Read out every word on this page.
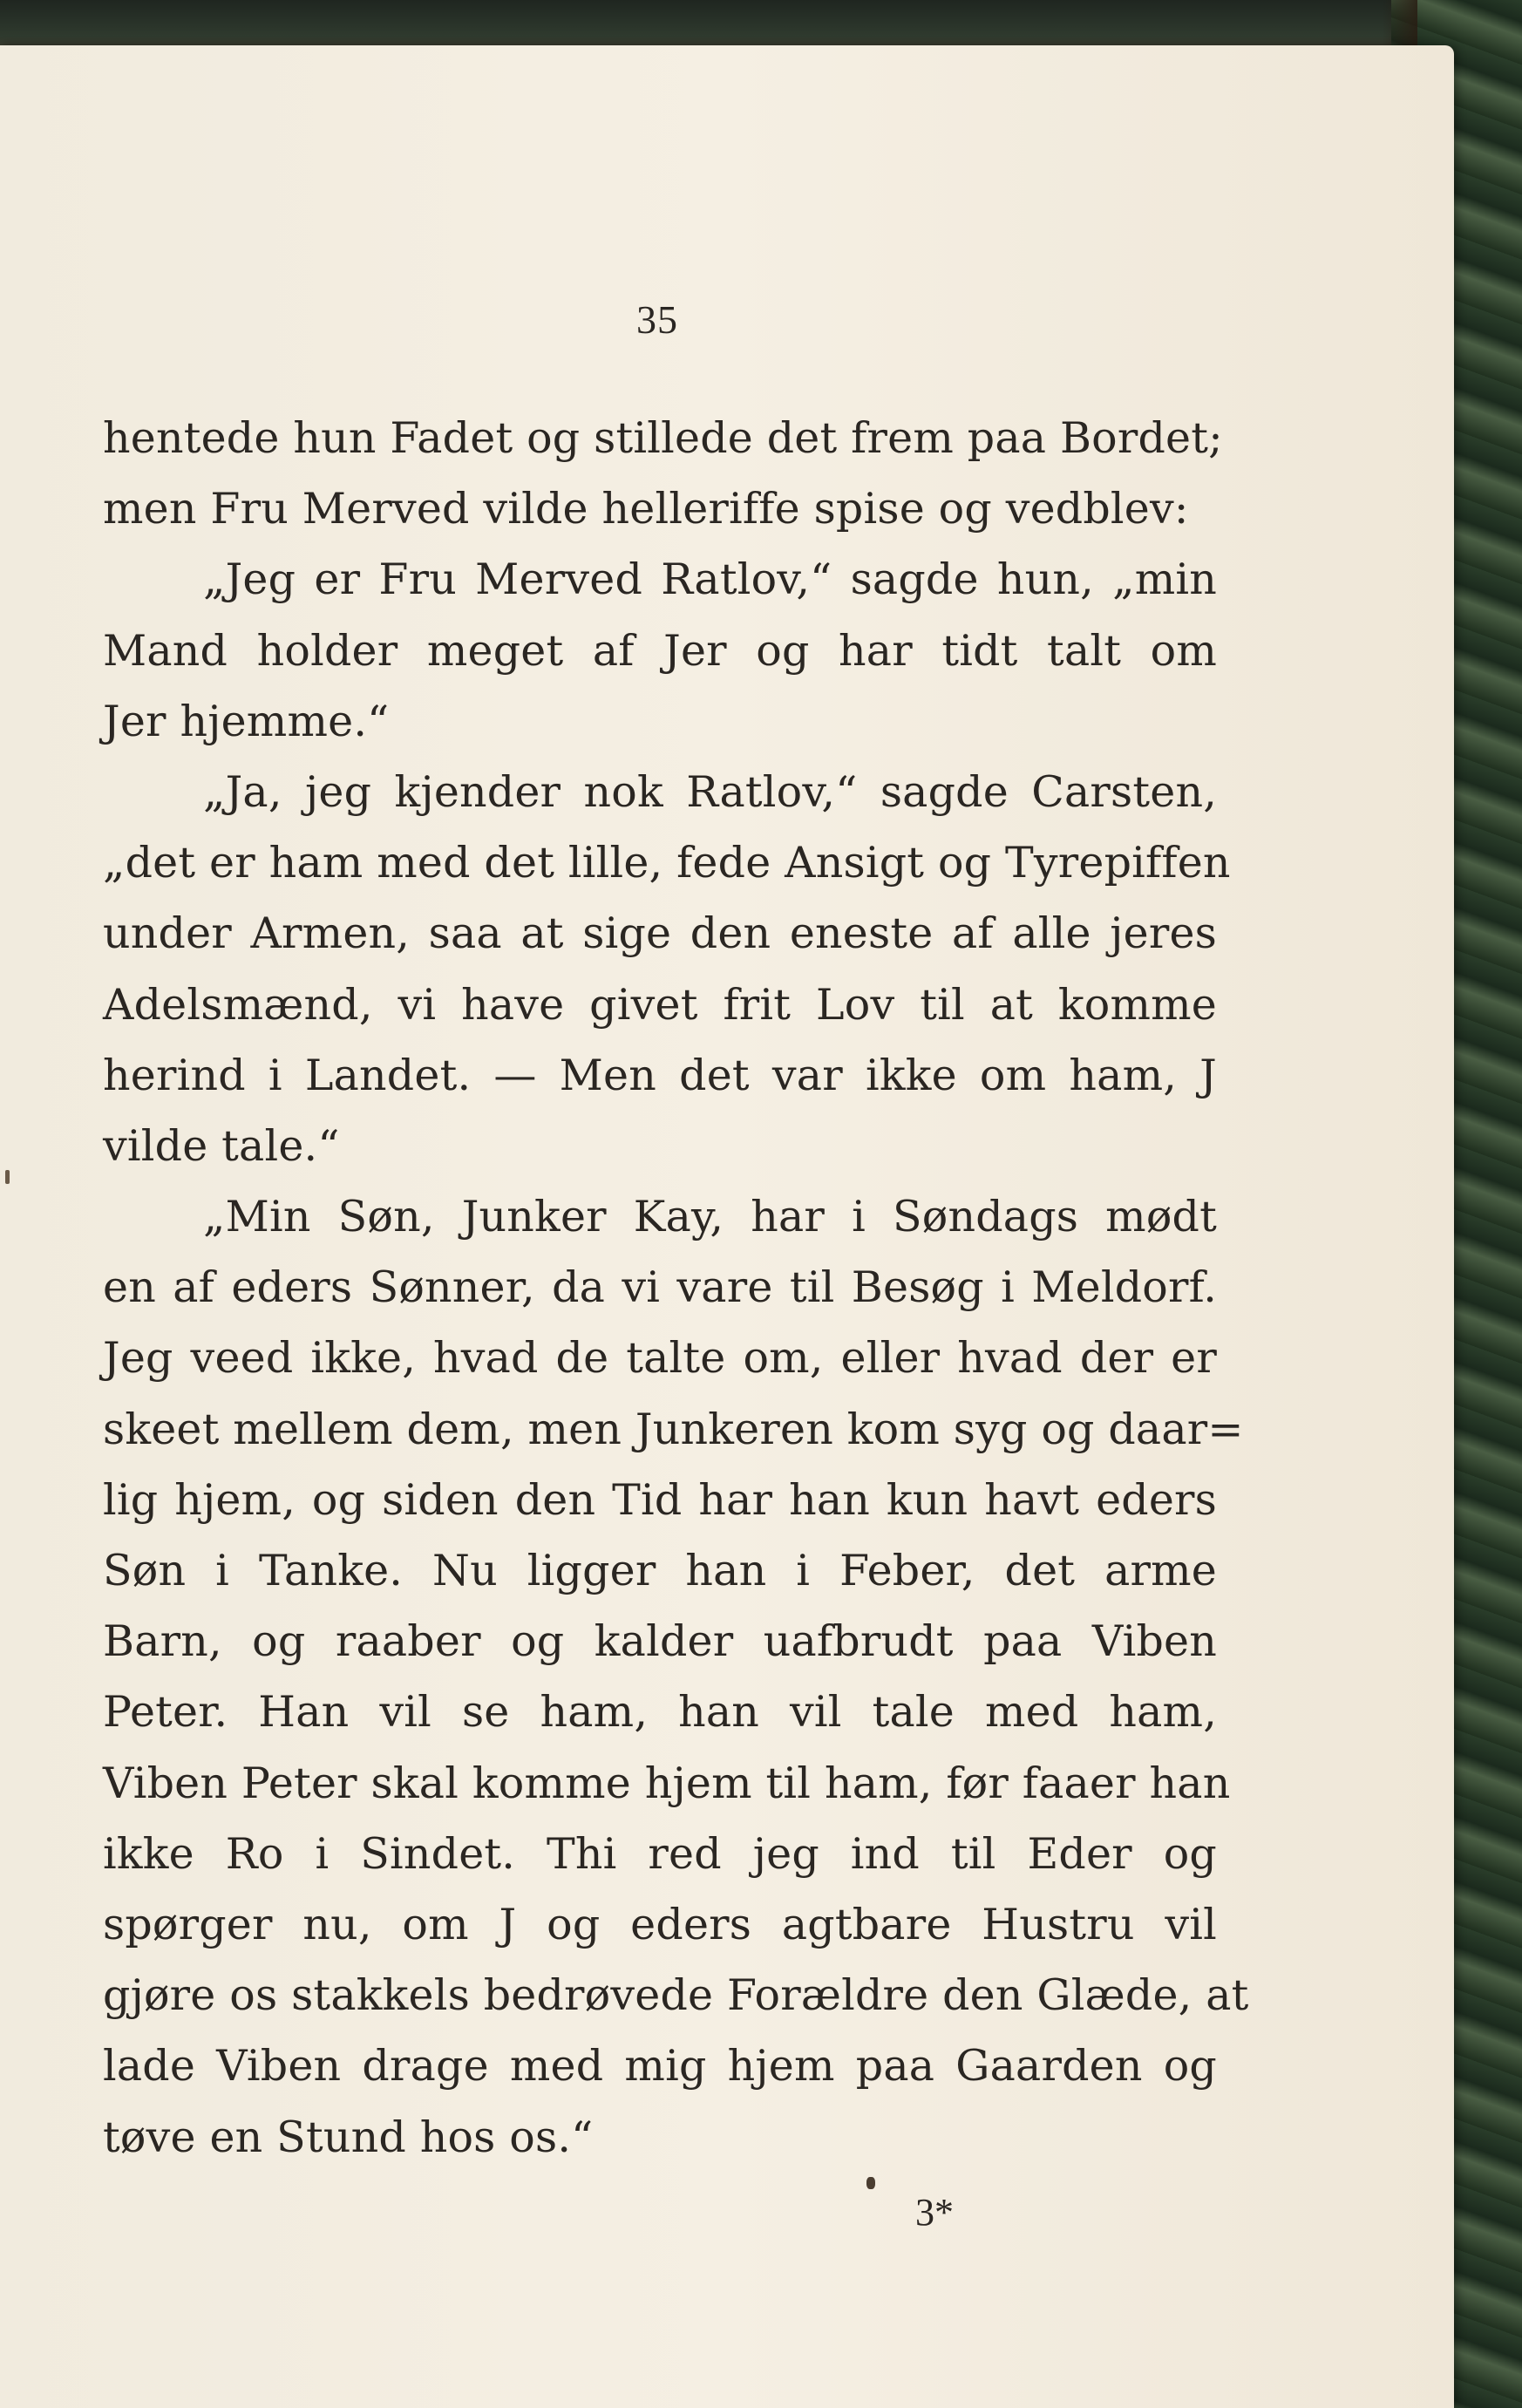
35
hentede hun Fadet og stillede det frem paa Bordet;
men Fru Merved vilde helleriffe spise og vedblev:
„Jeg er Fru Merved Ratlov,“ sagde hun, „min
Mand holder meget af Jer og har tidt talt om
Jer hjemme.“
„Ja, jeg kjender nok Ratlov,“ sagde Carsten,
„det er ham med det lille, fede Ansigt og Tyrepiffen
under Armen, saa at sige den eneste af alle jeres
Adelsmænd, vi have givet frit Lov til at komme
herind i Landet. — Men det var ikke om ham, J
vilde tale.“
„Min Søn, Junker Kay, har i Søndags mødt
en af eders Sønner, da vi vare til Besøg i Meldorf.
Jeg veed ikke, hvad de talte om, eller hvad der er
skeet mellem dem, men Junkeren kom syg og daar=
lig hjem, og siden den Tid har han kun havt eders
Søn i Tanke. Nu ligger han i Feber, det arme
Barn, og raaber og kalder uafbrudt paa Viben
Peter. Han vil se ham, han vil tale med ham,
Viben Peter skal komme hjem til ham, før faaer han
ikke Ro i Sindet. Thi red jeg ind til Eder og
spørger nu, om J og eders agtbare Hustru vil
gjøre os stakkels bedrøvede Forældre den Glæde, at
lade Viben drage med mig hjem paa Gaarden og
tøve en Stund hos os.“
3*
